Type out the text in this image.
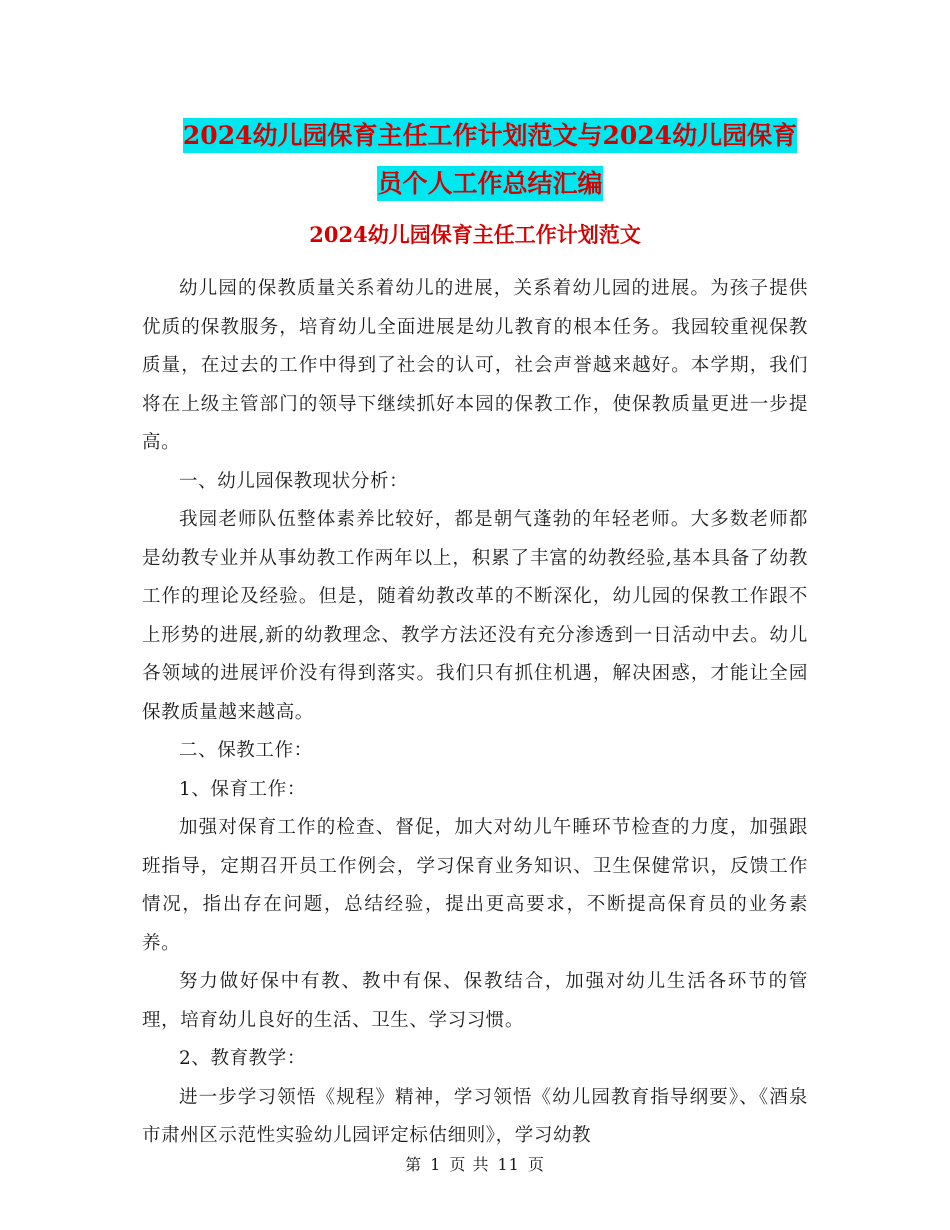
2024幼儿园保育主任工作计划范文与2024幼儿园保育
员个人工作总结汇编
2024幼儿园保育主任工作计划范文

幼儿园的保教质量关系着幼儿的进展，关系着幼儿园的进展。为孩子提供优质的保教服务，培育幼儿全面进展是幼儿教育的根本任务。我园较重视保教质量，在过去的工作中得到了社会的认可，社会声誉越来越好。本学期，我们将在上级主管部门的领导下继续抓好本园的保教工作，使保教质量更进一步提高。

一、幼儿园保教现状分析：

我园老师队伍整体素养比较好，都是朝气蓬勃的年轻老师。大多数老师都是幼教专业并从事幼教工作两年以上，积累了丰富的幼教经验,基本具备了幼教工作的理论及经验。但是，随着幼教改革的不断深化，幼儿园的保教工作跟不上形势的进展,新的幼教理念、教学方法还没有充分渗透到一日活动中去。幼儿各领域的进展评价没有得到落实。我们只有抓住机遇，解决困惑，才能让全园保教质量越来越高。

二、保教工作：

1、保育工作：

加强对保育工作的检查、督促，加大对幼儿午睡环节检查的力度，加强跟班指导，定期召开员工作例会，学习保育业务知识、卫生保健常识，反馈工作情况，指出存在问题，总结经验，提出更高要求，不断提高保育员的业务素养。

努力做好保中有教、教中有保、保教结合，加强对幼儿生活各环节的管理，培育幼儿良好的生活、卫生、学习习惯。

2、教育教学：

进一步学习领悟《规程》精神，学习领悟《幼儿园教育指导纲要》、《酒泉市肃州区示范性实验幼儿园评定标估细则》，学习幼教

第 1 页 共 11 页
